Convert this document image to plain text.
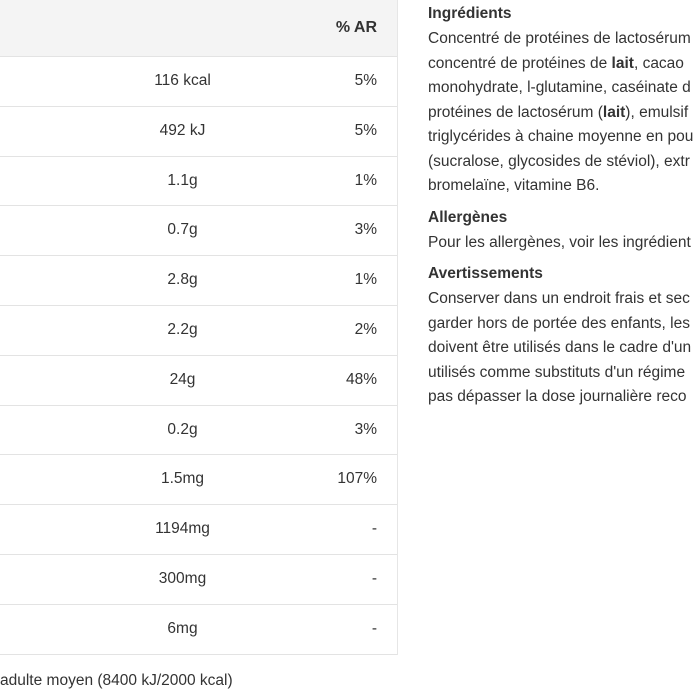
% AR
116 kcal	5%
492 kJ	5%
1.1g	1%
0.7g	3%
2.8g	1%
2.2g	2%
24g	48%
0.2g	3%
1.5mg	107%
1194mg	-
300mg	-
6mg	-
adulte moyen (8400 kJ/2000 kcal)
Ingrédients
Concentré de protéines de lactosérum
concentré de protéines de lait, cacao
monohydrate, l-glutamine, caséinate d
protéines de lactosérum (lait), emulsif
triglycérides à chaine moyenne en pou
(sucralose, glycosides de stéviol), extr
bromelaïne, vitamine B6.
Allergènes
Pour les allergènes, voir les ingrédient
Avertissements
Conserver dans un endroit frais et sec
garder hors de portée des enfants, les
doivent être utilisés dans le cadre d'un
utilisés comme substituts d'un régime
pas dépasser la dose journalière reco
